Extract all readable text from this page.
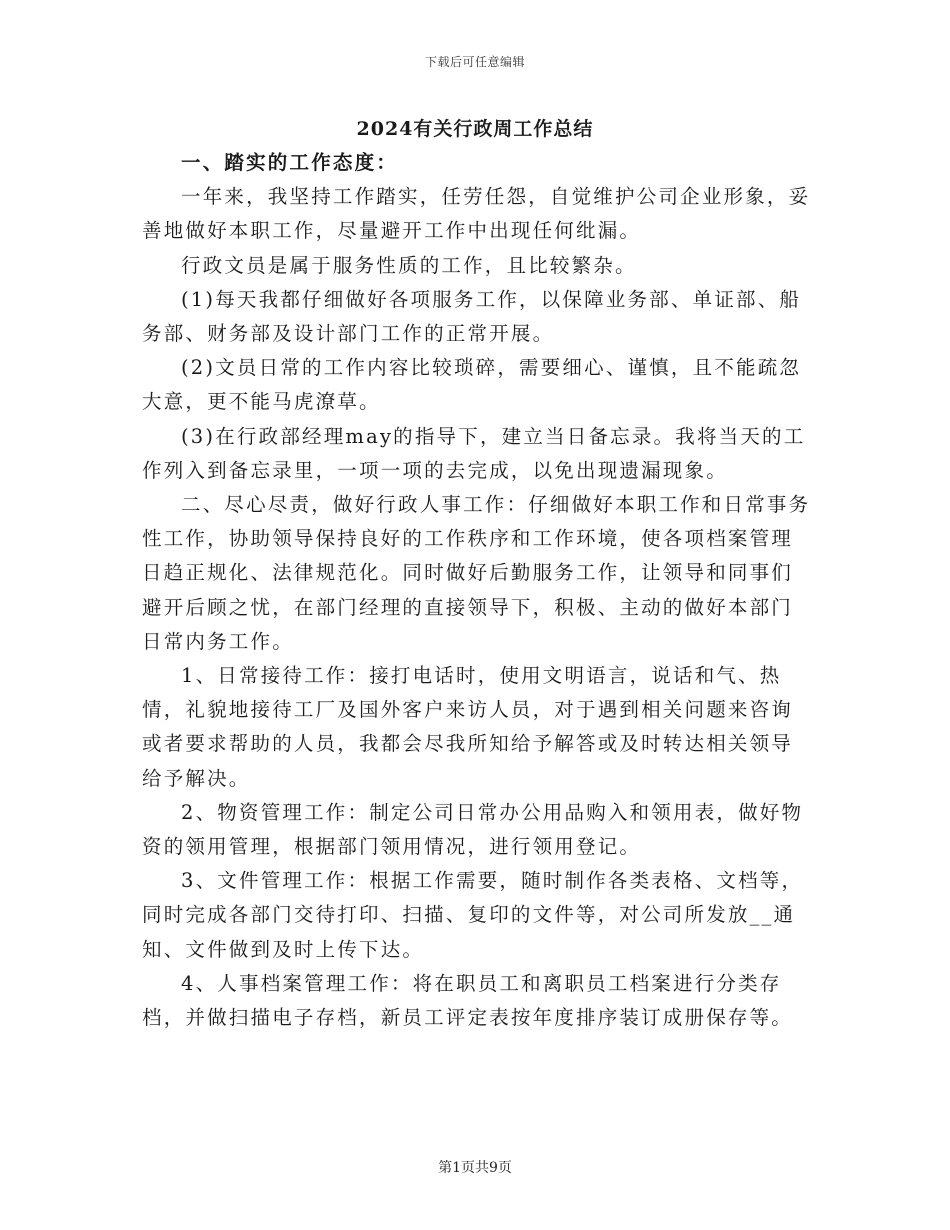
下载后可任意编辑
2024有关行政周工作总结

一、踏实的工作态度：

一年来，我坚持工作踏实，任劳任怨，自觉维护公司企业形象，妥善地做好本职工作，尽量避开工作中出现任何纰漏。

行政文员是属于服务性质的工作，且比较繁杂。

(1)每天我都仔细做好各项服务工作，以保障业务部、单证部、船务部、财务部及设计部门工作的正常开展。

(2)文员日常的工作内容比较琐碎，需要细心、谨慎，且不能疏忽大意，更不能马虎潦草。

(3)在行政部经理may的指导下，建立当日备忘录。我将当天的工作列入到备忘录里，一项一项的去完成，以免出现遗漏现象。

二、尽心尽责，做好行政人事工作：仔细做好本职工作和日常事务性工作，协助领导保持良好的工作秩序和工作环境，使各项档案管理日趋正规化、法律规范化。同时做好后勤服务工作，让领导和同事们避开后顾之忧，在部门经理的直接领导下，积极、主动的做好本部门日常内务工作。

1、日常接待工作：接打电话时，使用文明语言，说话和气、热情，礼貌地接待工厂及国外客户来访人员，对于遇到相关问题来咨询或者要求帮助的人员，我都会尽我所知给予解答或及时转达相关领导给予解决。

2、物资管理工作：制定公司日常办公用品购入和领用表，做好物资的领用管理，根据部门领用情况，进行领用登记。

3、文件管理工作：根据工作需要，随时制作各类表格、文档等，同时完成各部门交待打印、扫描、复印的文件等，对公司所发放__通知、文件做到及时上传下达。

4、人事档案管理工作：将在职员工和离职员工档案进行分类存档，并做扫描电子存档，新员工评定表按年度排序装订成册保存等。

第1页共9页
